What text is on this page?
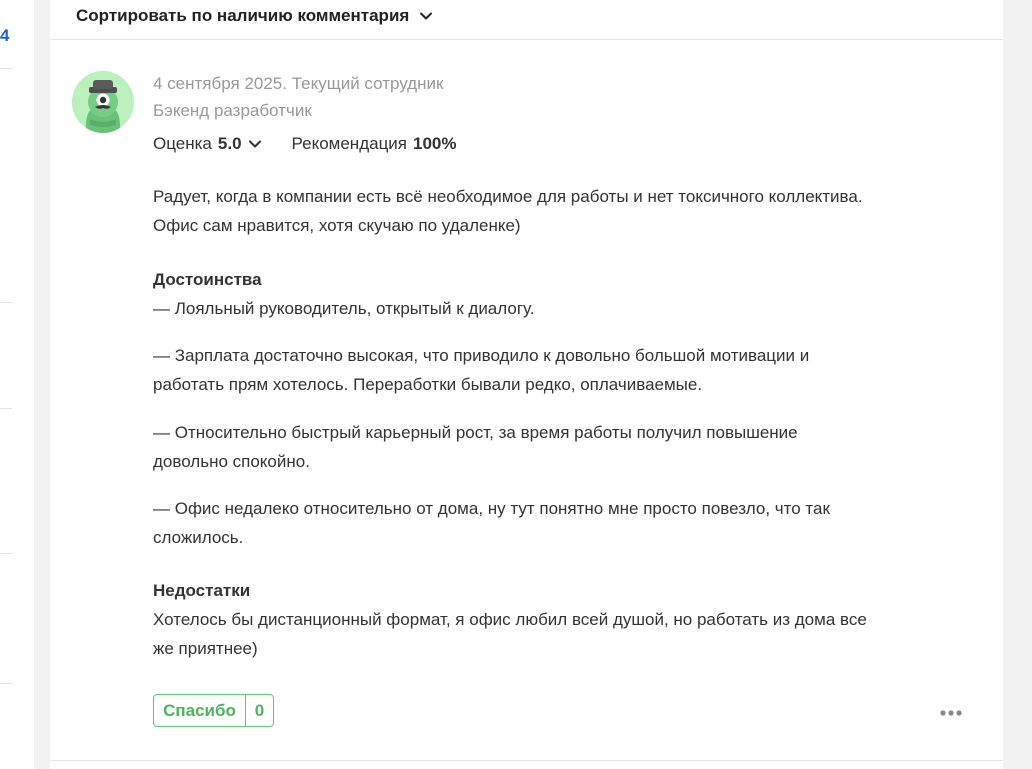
4
Сортировать по наличию комментария
4 сентября 2025. Текущий сотрудник
Бэкенд разработчик
Оценка 5.0	Рекомендация 100%
Радует, когда в компании есть всё необходимое для работы и нет токсичного коллектива. Офис сам нравится, хотя скучаю по удаленке)
Достоинства
— Лояльный руководитель, открытый к диалогу.
— Зарплата достаточно высокая, что приводило к довольно большой мотивации и работать прям хотелось. Переработки бывали редко, оплачиваемые.
— Относительно быстрый карьерный рост, за время работы получил повышение довольно спокойно.
— Офис недалеко относительно от дома, ну тут понятно мне просто повезло, что так сложилось.
Недостатки
Хотелось бы дистанционный формат, я офис любил всей душой, но работать из дома все же приятнее)
Спасибо	0
